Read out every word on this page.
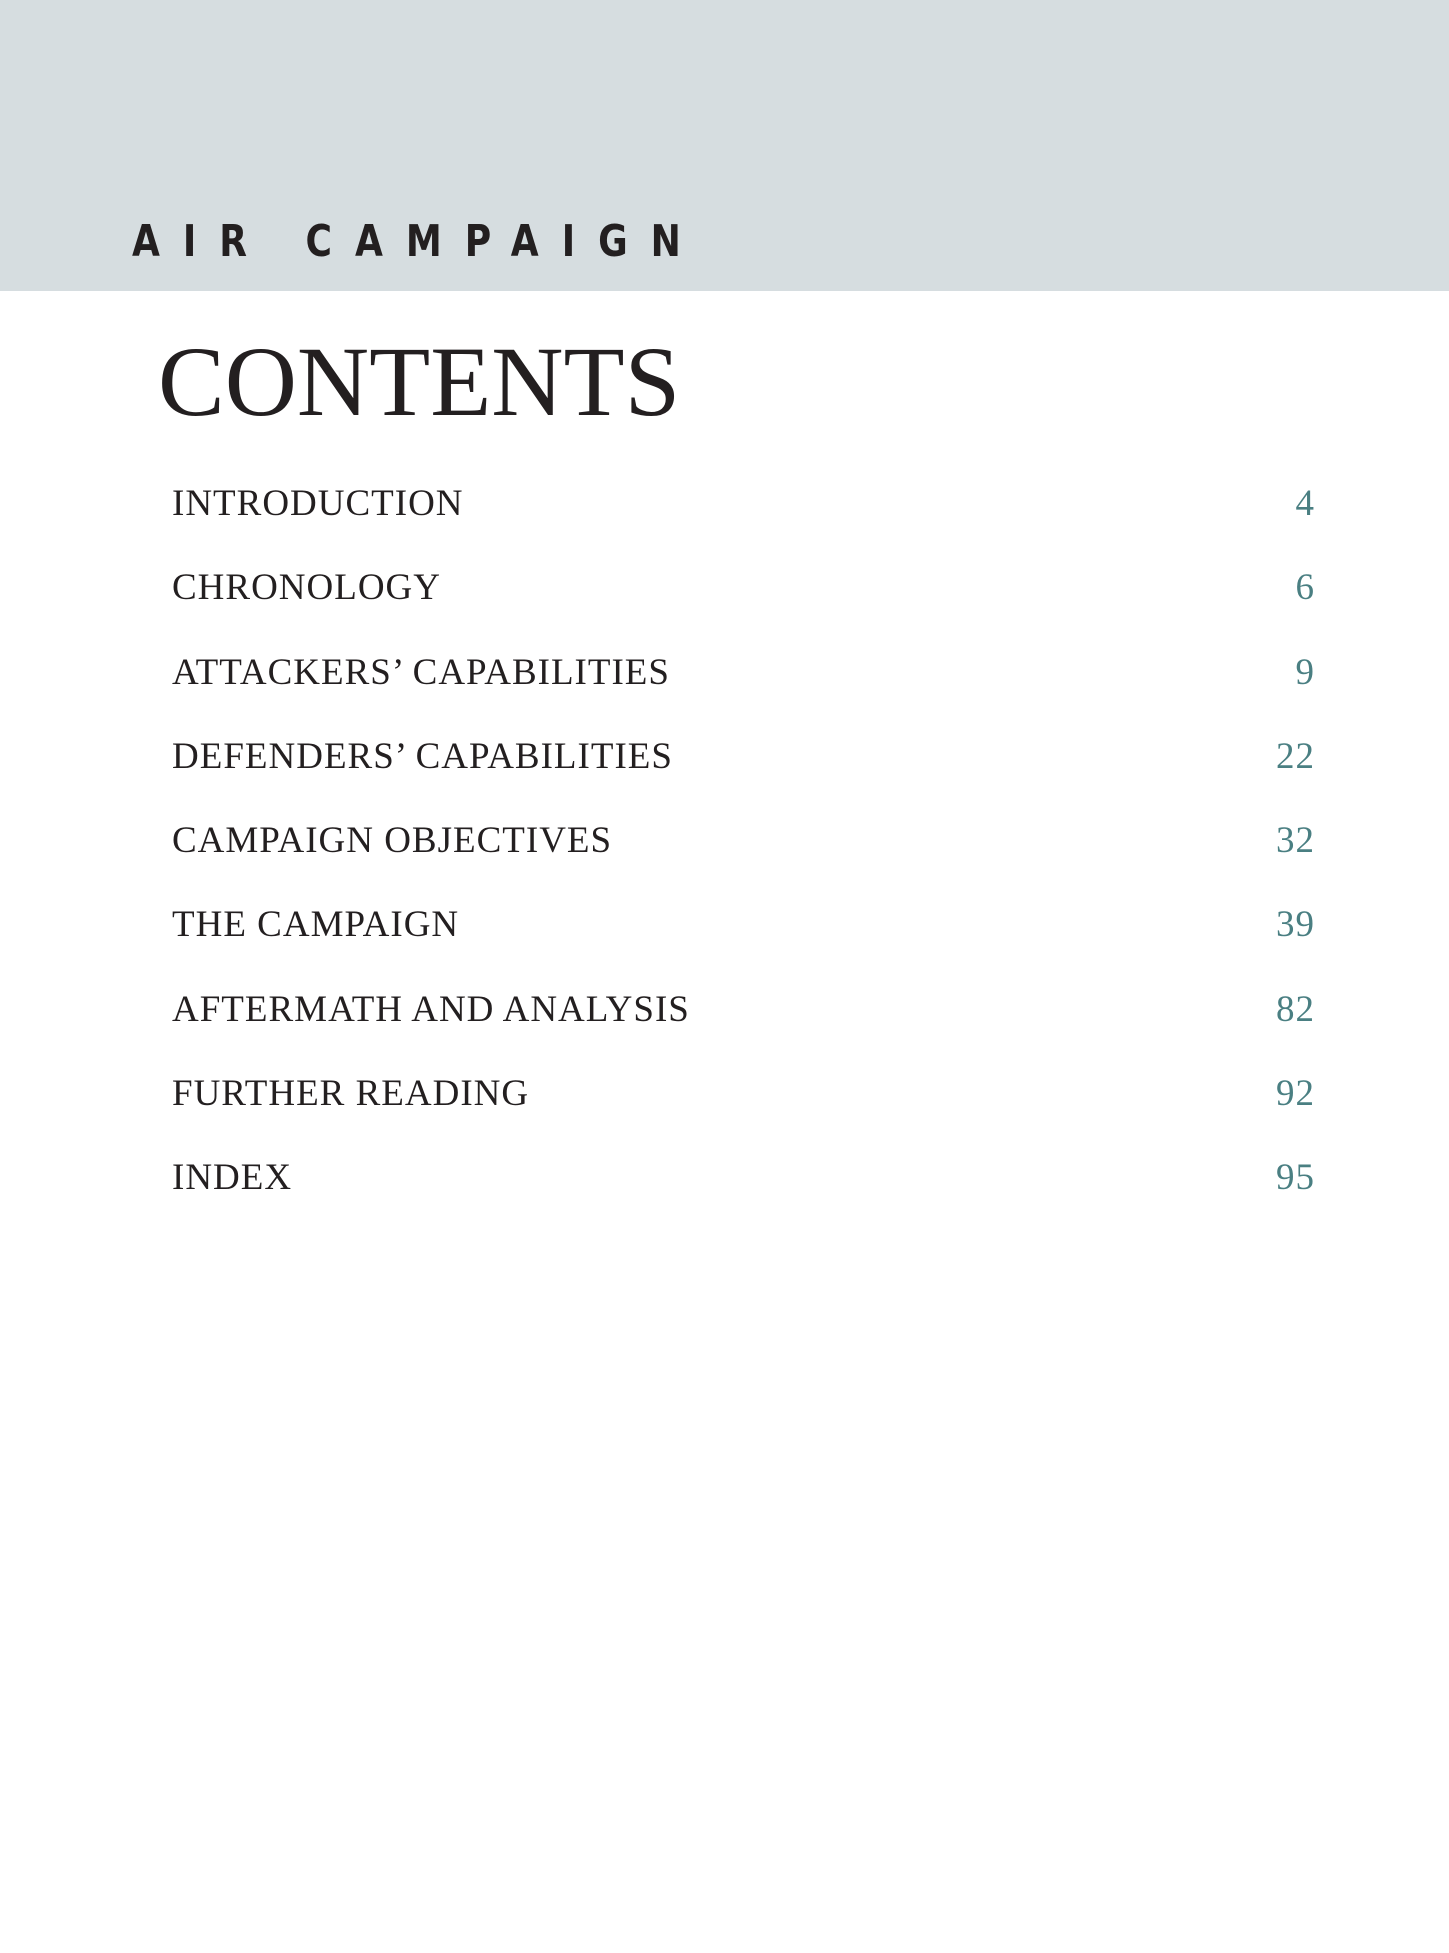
AIR CAMPAIGN
CONTENTS
INTRODUCTION	4
CHRONOLOGY	6
ATTACKERS’ CAPABILITIES	9
DEFENDERS’ CAPABILITIES	22
CAMPAIGN OBJECTIVES	32
THE CAMPAIGN	39
AFTERMATH AND ANALYSIS	82
FURTHER READING	92
INDEX	95
